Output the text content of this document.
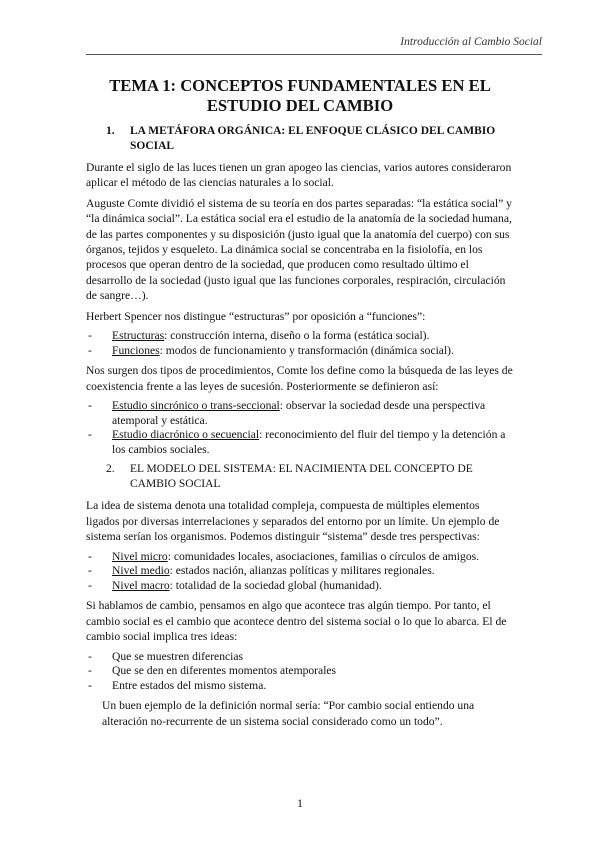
Introducción al Cambio Social
TEMA 1: CONCEPTOS FUNDAMENTALES EN EL ESTUDIO DEL CAMBIO
1.	LA METÁFORA ORGÁNICA: EL ENFOQUE CLÁSICO DEL CAMBIO SOCIAL

Durante el siglo de las luces tienen un gran apogeo las ciencias, varios autores consideraron aplicar el método de las ciencias naturales a lo social.

Auguste Comte dividió el sistema de su teoría en dos partes separadas: “la estática social” y “la dinámica social”. La estática social era el estudio de la anatomía de la sociedad humana, de las partes componentes y su disposición (justo igual que la anatomía del cuerpo) con sus órganos, tejidos y esqueleto. La dinámica social se concentraba en la fisiolofía, en los procesos que operan dentro de la sociedad, que producen como resultado último el desarrollo de la sociedad (justo igual que las funciones corporales, respiración, circulación de sangre…).

Herbert Spencer nos distingue “estructuras” por oposición a “funciones”:

-	Estructuras: construcción interna, diseño o la forma (estática social).
-	Funciones: modos de funcionamiento y transformación (dinámica social).

Nos surgen dos tipos de procedimientos, Comte los define como la búsqueda de las leyes de coexistencia frente a las leyes de sucesión. Posteriormente se definieron así:

-	Estudio sincrónico o trans-seccional: observar la sociedad desde una perspectiva atemporal y estática.
-	Estudio diacrónico o secuencial: reconocimiento del fluir del tiempo y la detención a los cambios sociales.
2.	EL MODELO DEL SISTEMA: EL NACIMIENTA DEL CONCEPTO DE CAMBIO SOCIAL

La idea de sistema denota una totalidad compleja, compuesta de múltiples elementos ligados por diversas interrelaciones y separados del entorno por un límite. Un ejemplo de sistema serían los organismos. Podemos distinguir “sistema” desde tres perspectivas:

-	Nivel micro: comunidades locales, asociaciones, familias o círculos de amigos.
-	Nivel medio: estados nación, alianzas políticas y militares regionales.
-	Nivel macro: totalidad de la sociedad global (humanidad).

Si hablamos de cambio, pensamos en algo que acontece tras algún tiempo. Por tanto, el cambio social es el cambio que acontece dentro del sistema social o lo que lo abarca. El de cambio social implica tres ideas:

-	Que se muestren diferencias
-	Que se den en diferentes momentos atemporales
-	Entre estados del mismo sistema.

Un buen ejemplo de la definición normal sería: “Por cambio social entiendo una alteración no-recurrente de un sistema social considerado como un todo”.

1
